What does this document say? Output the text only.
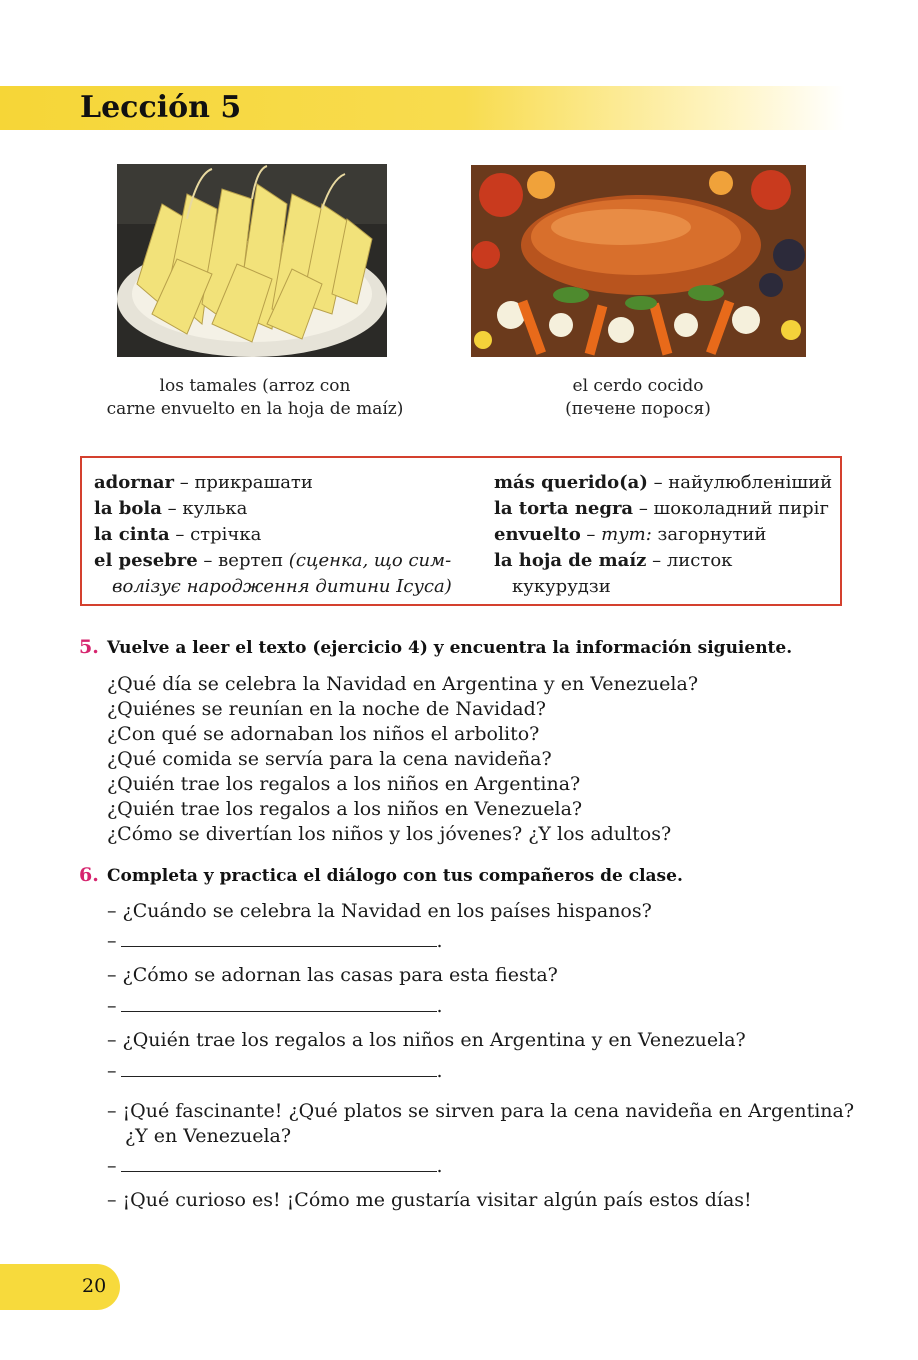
Lección 5
los tamales (arroz con
carne envuelto en la hoja de maíz)
el cerdo cocido
(печене порося)
adornar – прикрашати
la bola – кулька
la cinta – стрічка
el pesebre – вертеп (сценка, що сим-
волізує народження дитини Ісуса)
más querido(a) – найулюбленіший
la torta negra – шоколадний пиріг
envuelto – тут: загорнутий
la hoja de maíz – листок
кукурудзи
5. Vuelve a leer el texto (ejercicio 4) y encuentra la información siguiente.
¿Qué día se celebra la Navidad en Argentina y en Venezuela?
¿Quiénes se reunían en la noche de Navidad?
¿Con qué se adornaban los niños el arbolito?
¿Qué comida se servía para la cena navideña?
¿Quién trae los regalos a los niños en Argentina?
¿Quién trae los regalos a los niños en Venezuela?
¿Cómo se divertían los niños y los jóvenes? ¿Y los adultos?
6. Completa y practica el diálogo con tus compañeros de clase.
– ¿Cuándo se celebra la Navidad en los países hispanos?
–	.
– ¿Cómo se adornan las casas para esta fiesta?
–	.
– ¿Quién trae los regalos a los niños en Argentina y en Venezuela?
–	.
– ¡Qué fascinante! ¿Qué platos se sirven para la cena navideña en Argentina?
¿Y en Venezuela?
–	.
– ¡Qué curioso es! ¡Cómo me gustaría visitar algún país estos días!
20
